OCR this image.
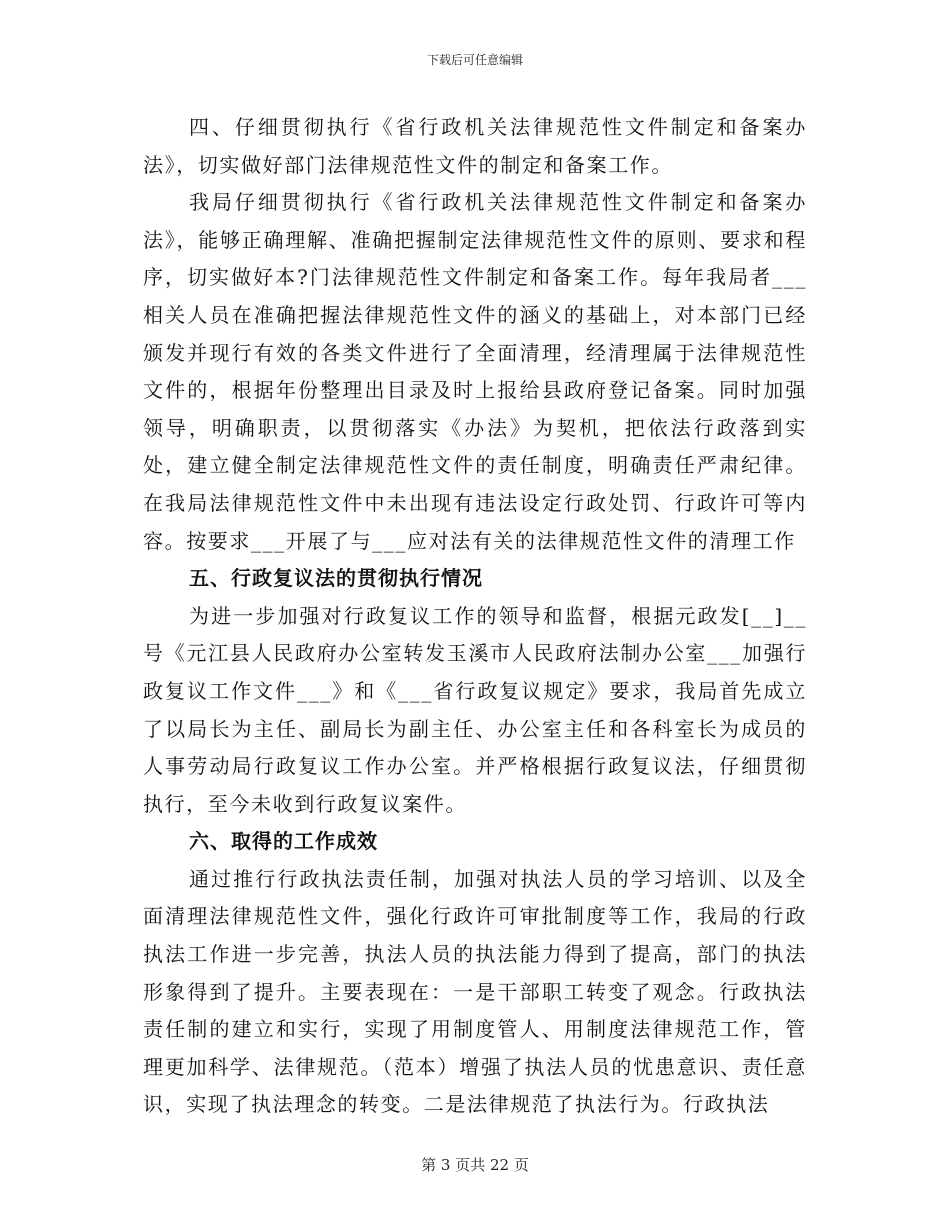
下载后可任意编辑

四、仔细贯彻执行《省行政机关法律规范性文件制定和备案办法》，切实做好部门法律规范性文件的制定和备案工作。

我局仔细贯彻执行《省行政机关法律规范性文件制定和备案办法》，能够正确理解、准确把握制定法律规范性文件的原则、要求和程序，切实做好本?门法律规范性文件制定和备案工作。每年我局者___相关人员在准确把握法律规范性文件的涵义的基础上，对本部门已经颁发并现行有效的各类文件进行了全面清理，经清理属于法律规范性文件的，根据年份整理出目录及时上报给县政府登记备案。同时加强领导，明确职责，以贯彻落实《办法》为契机，把依法行政落到实处，建立健全制定法律规范性文件的责任制度，明确责任严肃纪律。在我局法律规范性文件中未出现有违法设定行政处罚、行政许可等内容。按要求___开展了与___应对法有关的法律规范性文件的清理工作

五、行政复议法的贯彻执行情况

为进一步加强对行政复议工作的领导和监督，根据元政发[__]__号《元江县人民政府办公室转发玉溪市人民政府法制办公室___加强行政复议工作文件___》和《___省行政复议规定》要求，我局首先成立了以局长为主任、副局长为副主任、办公室主任和各科室长为成员的人事劳动局行政复议工作办公室。并严格根据行政复议法，仔细贯彻执行，至今未收到行政复议案件。

六、取得的工作成效

通过推行行政执法责任制，加强对执法人员的学习培训、以及全面清理法律规范性文件，强化行政许可审批制度等工作，我局的行政执法工作进一步完善，执法人员的执法能力得到了提高，部门的执法形象得到了提升。主要表现在：一是干部职工转变了观念。行政执法责任制的建立和实行，实现了用制度管人、用制度法律规范工作，管理更加科学、法律规范。（范本）增强了执法人员的忧患意识、责任意识，实现了执法理念的转变。二是法律规范了执法行为。行政执法

第 3 页共 22 页
